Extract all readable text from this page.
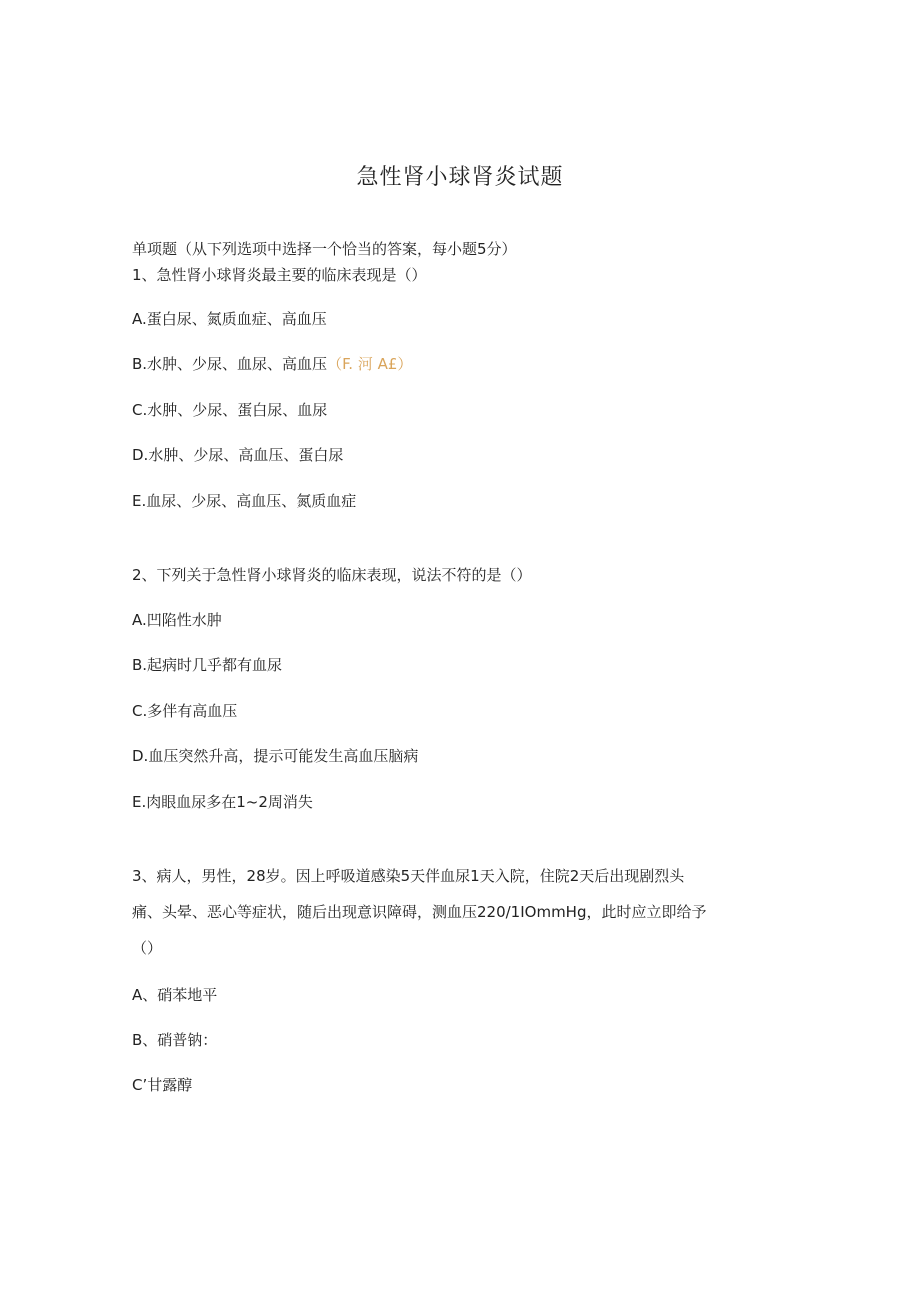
急性肾小球肾炎试题
单项题（从下列选项中选择一个恰当的答案，每小题5分）
1、急性肾小球肾炎最主要的临床表现是（）
A.蛋白尿、氮质血症、高血压
B.水肿、少尿、血尿、高血压（F. 河 A£）
C.水肿、少尿、蛋白尿、血尿
D.水肿、少尿、高血压、蛋白尿
E.血尿、少尿、高血压、氮质血症
2、下列关于急性肾小球肾炎的临床表现，说法不符的是（）
A.凹陷性水肿
B.起病时几乎都有血尿
C.多伴有高血压
D.血压突然升高，提示可能发生高血压脑病
E.肉眼血尿多在1~2周消失
3、病人，男性，28岁。因上呼吸道感染5天伴血尿1天入院，住院2天后出现剧烈头
痛、头晕、恶心等症状，随后出现意识障碍，测血压220/1IOmmHg，此时应立即给予
（）
A、硝苯地平
B、硝普钠：
C’甘露醇
